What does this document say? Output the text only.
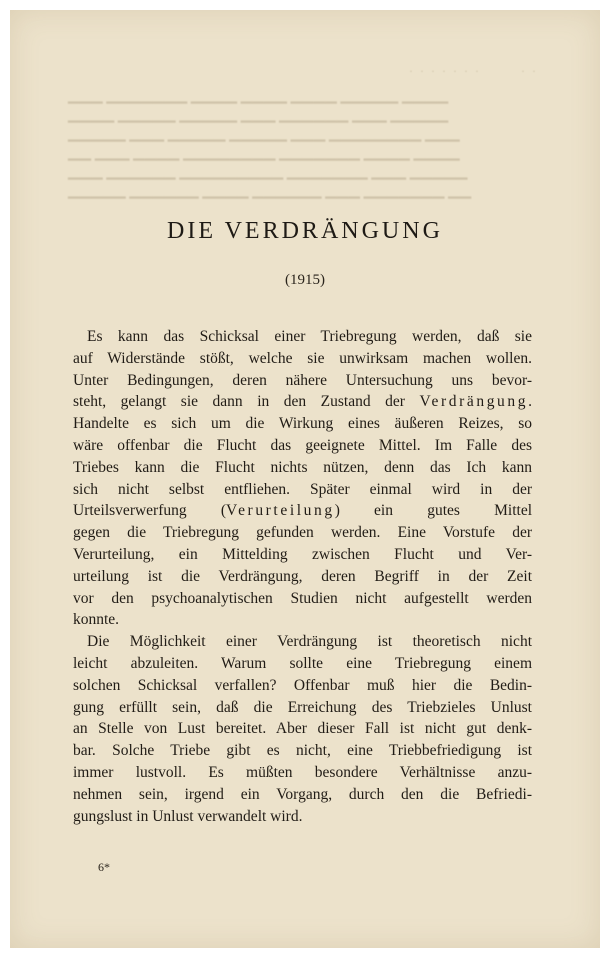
· · · · · · ·	· ·
▁▁▁ ▁▁▁▁▁▁▁ ▁▁▁▁ ▁▁▁▁ ▁▁▁▁ ▁▁▁▁▁ ▁▁▁▁
▁▁▁▁ ▁▁▁▁▁ ▁▁▁▁▁ ▁▁▁ ▁▁▁▁▁▁ ▁▁▁ ▁▁▁▁▁
▁▁▁▁▁ ▁▁▁ ▁▁▁▁▁ ▁▁▁▁▁ ▁▁▁ ▁▁▁▁▁▁▁▁ ▁▁▁
▁▁ ▁▁▁ ▁▁▁▁ ▁▁▁▁▁▁▁▁ ▁▁▁▁▁▁▁ ▁▁▁▁ ▁▁▁▁
▁▁▁ ▁▁▁▁▁▁ ▁▁▁▁▁▁▁▁▁ ▁▁▁▁▁▁▁ ▁▁▁ ▁▁▁▁▁
▁▁▁▁▁ ▁▁▁▁▁▁ ▁▁▁▁ ▁▁▁▁▁▁ ▁▁▁ ▁▁▁▁▁▁▁ ▁▁
DIE VERDRÄNGUNG
(1915)
Es kann das Schicksal einer Triebregung werden, daß sie
auf Widerstände stößt, welche sie unwirksam machen wollen.
Unter Bedingungen, deren nähere Untersuchung uns bevor-
steht, gelangt sie dann in den Zustand der Verdrängung.
Handelte es sich um die Wirkung eines äußeren Reizes, so
wäre offenbar die Flucht das geeignete Mittel. Im Falle des
Triebes kann die Flucht nichts nützen, denn das Ich kann
sich nicht selbst entfliehen. Später einmal wird in der
Urteilsverwerfung (Verurteilung) ein gutes Mittel
gegen die Triebregung gefunden werden. Eine Vorstufe der
Verurteilung, ein Mittelding zwischen Flucht und Ver-
urteilung ist die Verdrängung, deren Begriff in der Zeit
vor den psychoanalytischen Studien nicht aufgestellt werden
konnte.
Die Möglichkeit einer Verdrängung ist theoretisch nicht
leicht abzuleiten. Warum sollte eine Triebregung einem
solchen Schicksal verfallen? Offenbar muß hier die Bedin-
gung erfüllt sein, daß die Erreichung des Triebzieles Unlust
an Stelle von Lust bereitet. Aber dieser Fall ist nicht gut denk-
bar. Solche Triebe gibt es nicht, eine Triebbefriedigung ist
immer lustvoll. Es müßten besondere Verhältnisse anzu-
nehmen sein, irgend ein Vorgang, durch den die Befriedi-
gungslust in Unlust verwandelt wird.
6*
